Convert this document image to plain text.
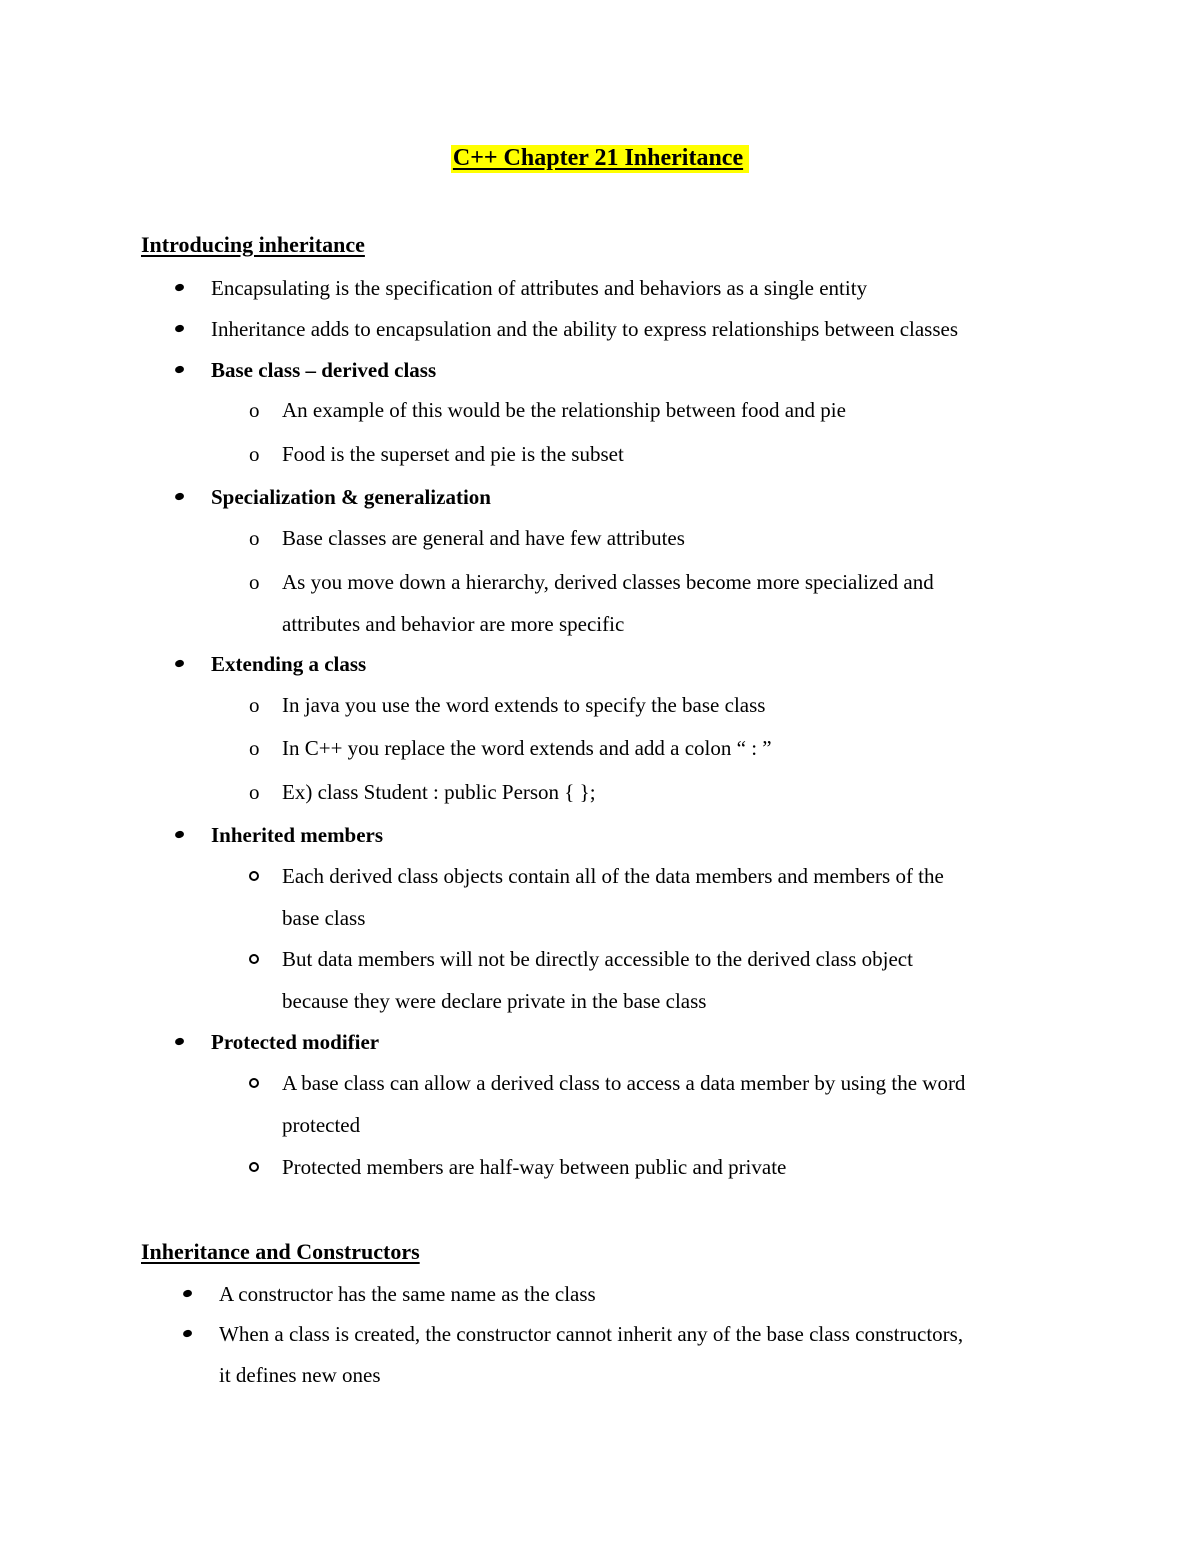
C++ Chapter 21 Inheritance
Introducing inheritance
Encapsulating is the specification of attributes and behaviors as a single entity
Inheritance adds to encapsulation and the ability to express relationships between classes
Base class – derived class
o An example of this would be the relationship between food and pie
o Food is the superset and pie is the subset
Specialization & generalization
o Base classes are general and have few attributes
o As you move down a hierarchy, derived classes become more specialized and
attributes and behavior are more specific
Extending a class
o In java you use the word extends to specify the base class
o In C++ you replace the word extends and add a colon “ : ”
o Ex) class Student : public Person { };
Inherited members
Each derived class objects contain all of the data members and members of the
base class
But data members will not be directly accessible to the derived class object
because they were declare private in the base class
Protected modifier
A base class can allow a derived class to access a data member by using the word
protected
Protected members are half-way between public and private
Inheritance and Constructors
A constructor has the same name as the class
When a class is created, the constructor cannot inherit any of the base class constructors,
it defines new ones
